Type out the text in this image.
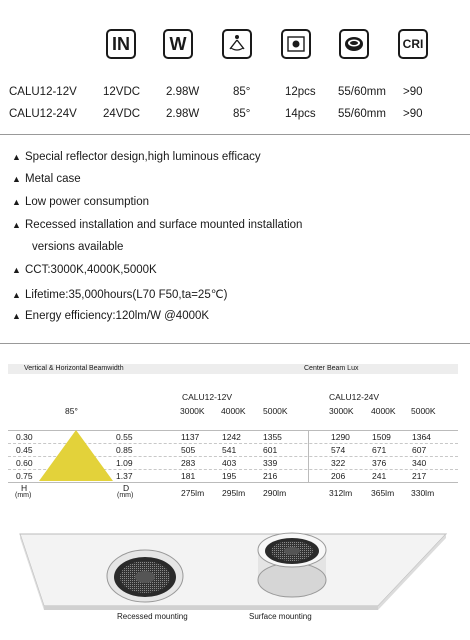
IN W	CRI
CALU12-12V 12VDC 2.98W	85°	12pcs 55/60mm >90
CALU12-24V 24VDC 2.98W	85°	14pcs 55/60mm >90
▲ Special reflector design,high luminous efficacy
▲ Metal case
▲ Low power consumption
▲ Recessed installation and surface mounted installation
versions available
▲ CCT:3000K,4000K,5000K
▲ Lifetime:35,000hours(L70 F50,ta=25℃)
▲ Energy efficiency:120lm/W @4000K
Vertical & Horizontal Beamwidth	Center Beam Lux
85°
CALU12-12V	CALU12-24V
3000K 4000K 5000K	3000K 4000K 5000K
0.30	0.55	1137	1242	1355	1290	1509 1364
0.45	0.85	505	541	601	574	671	607
0.60	1.09	283	403	339	322	376	340
0.75	1.37	181	195	216	206	241	217
H
(mm)
D
(mm)	275lm 295lm 290lm	312lm 365lm 330lm
Recessed mounting	Surface mounting
